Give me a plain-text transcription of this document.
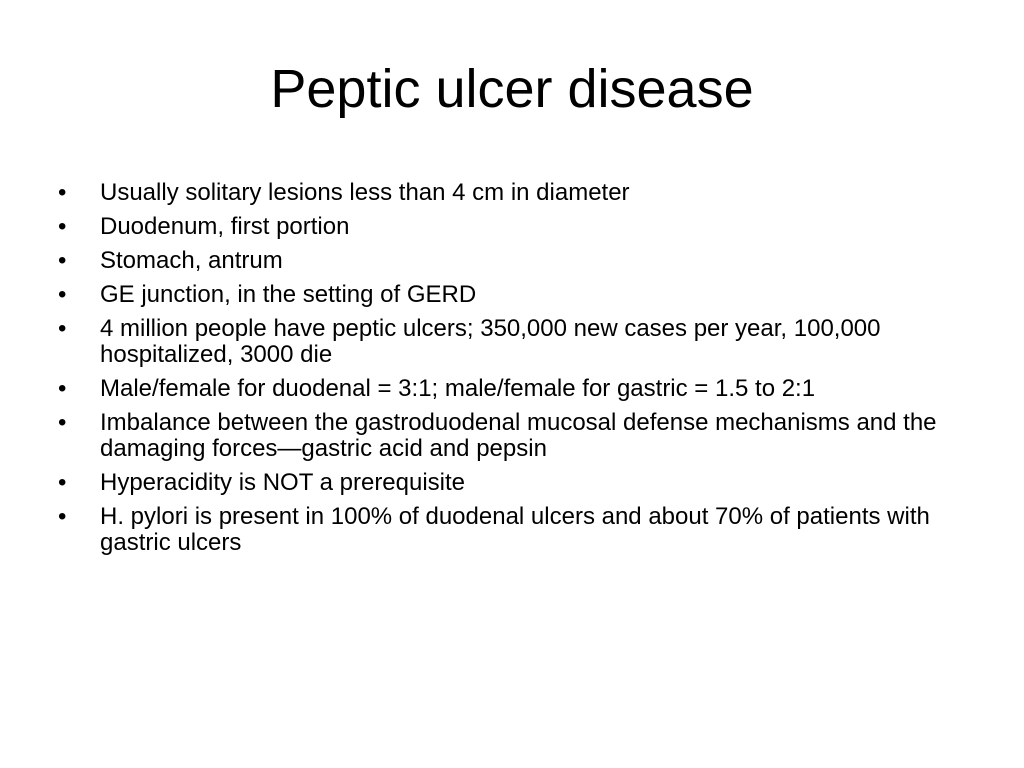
Peptic ulcer disease
•	Usually solitary lesions less than 4 cm in diameter
•	Duodenum, first portion
•	Stomach, antrum
•	GE junction, in the setting of GERD
•	4 million people have peptic ulcers; 350,000 new cases per year, 100,000 hospitalized, 3000 die
•	Male/female for duodenal = 3:1; male/female for gastric = 1.5 to 2:1
•	Imbalance between the gastroduodenal mucosal defense mechanisms and the damaging forces—gastric acid and pepsin
•	Hyperacidity is NOT a prerequisite
•	H. pylori is present in 100% of duodenal ulcers and about 70% of patients with gastric ulcers
